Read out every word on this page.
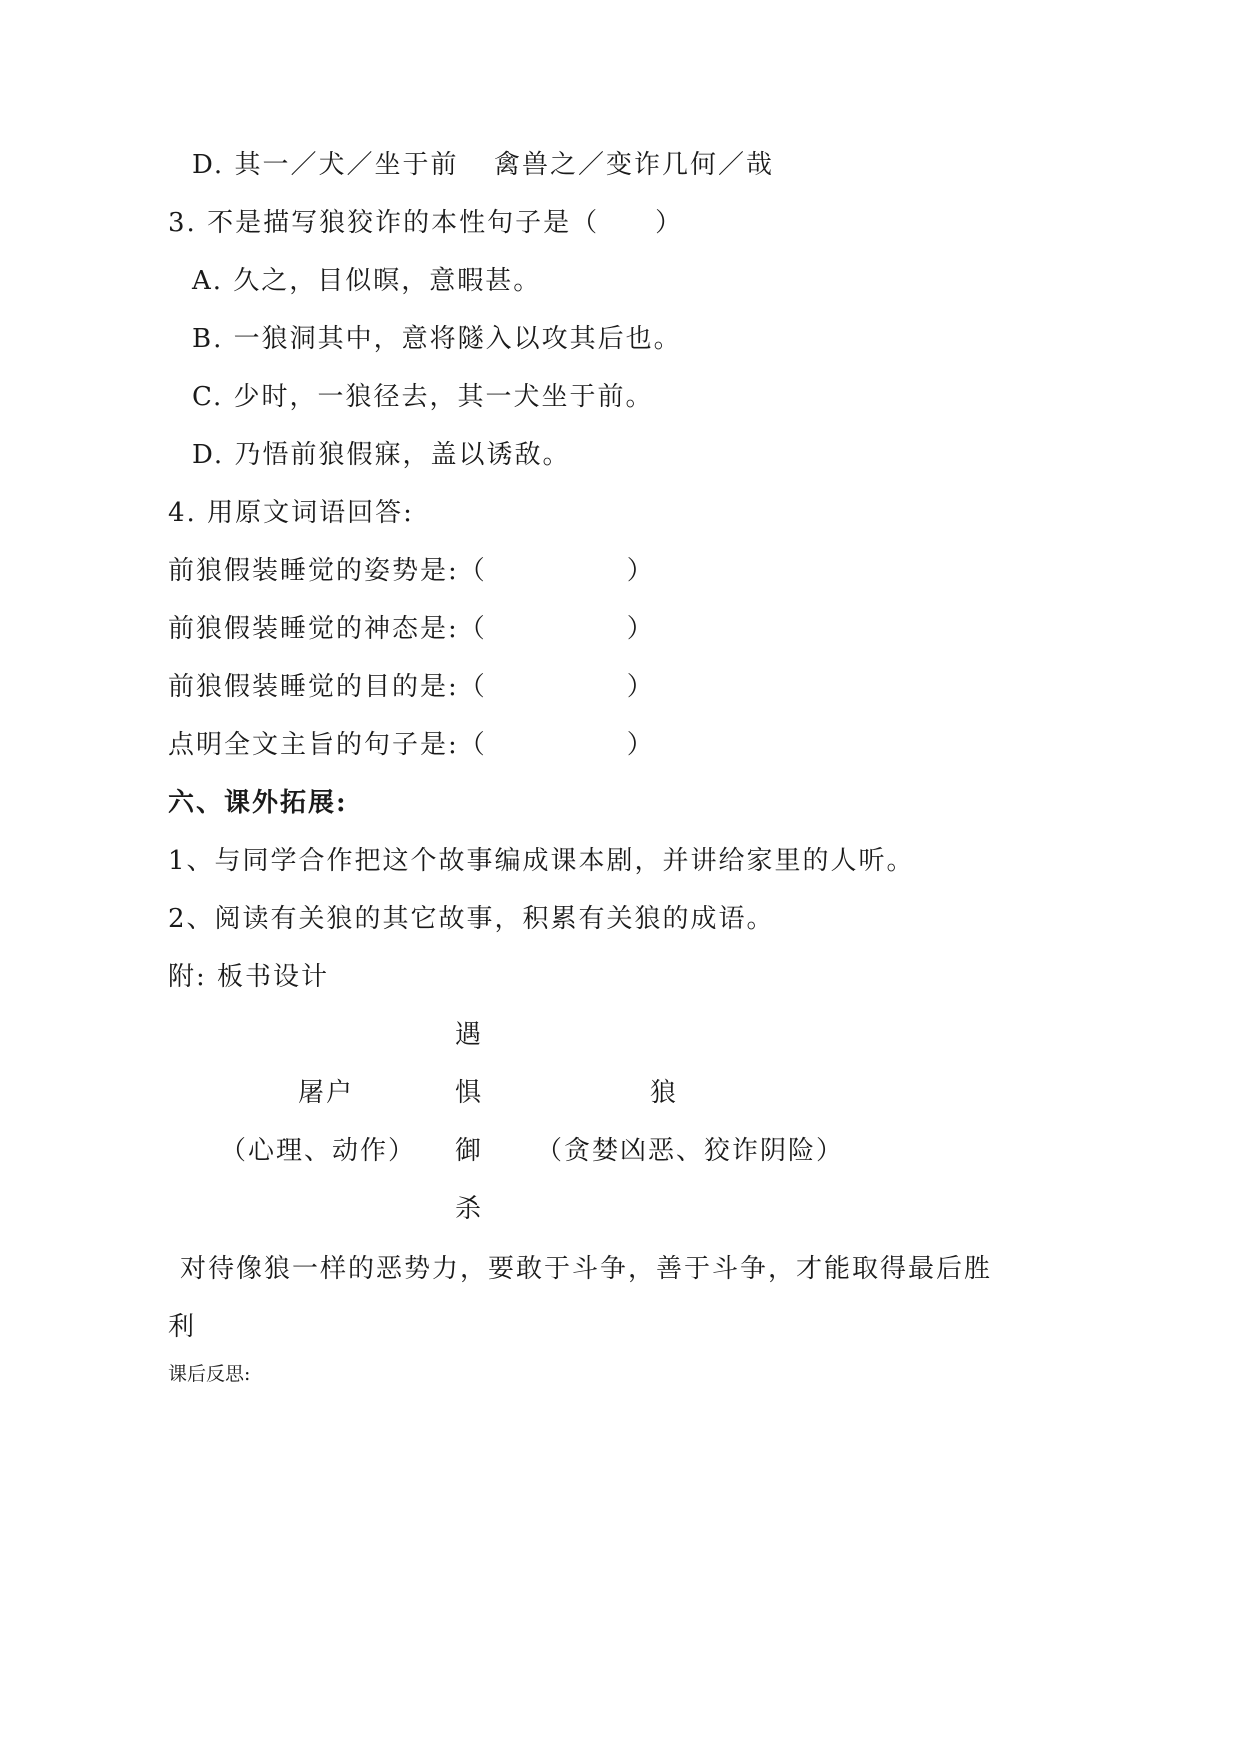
D. 其一／犬／坐于前 禽兽之／变诈几何／哉
3. 不是描写狼狡诈的本性句子是（　　）
A. 久之，目似暝，意暇甚。
B. 一狼洞其中，意将隧入以攻其后也。
C. 少时，一狼径去，其一犬坐于前。
D. 乃悟前狼假寐，盖以诱敌。
4. 用原文词语回答:
前狼假装睡觉的姿势是:（　　　　　）
前狼假装睡觉的神态是:（　　　　　）
前狼假装睡觉的目的是:（　　　　　）
点明全文主旨的句子是:（　　　　　）
六、课外拓展:
1、与同学合作把这个故事编成课本剧，并讲给家里的人听。
2、阅读有关狼的其它故事，积累有关狼的成语。
附: 板书设计
遇
惧
御
杀
屠户
（心理、动作）
狼
（贪婪凶恶、狡诈阴险）
对待像狼一样的恶势力，要敢于斗争，善于斗争，才能取得最后胜
利
课后反思:
